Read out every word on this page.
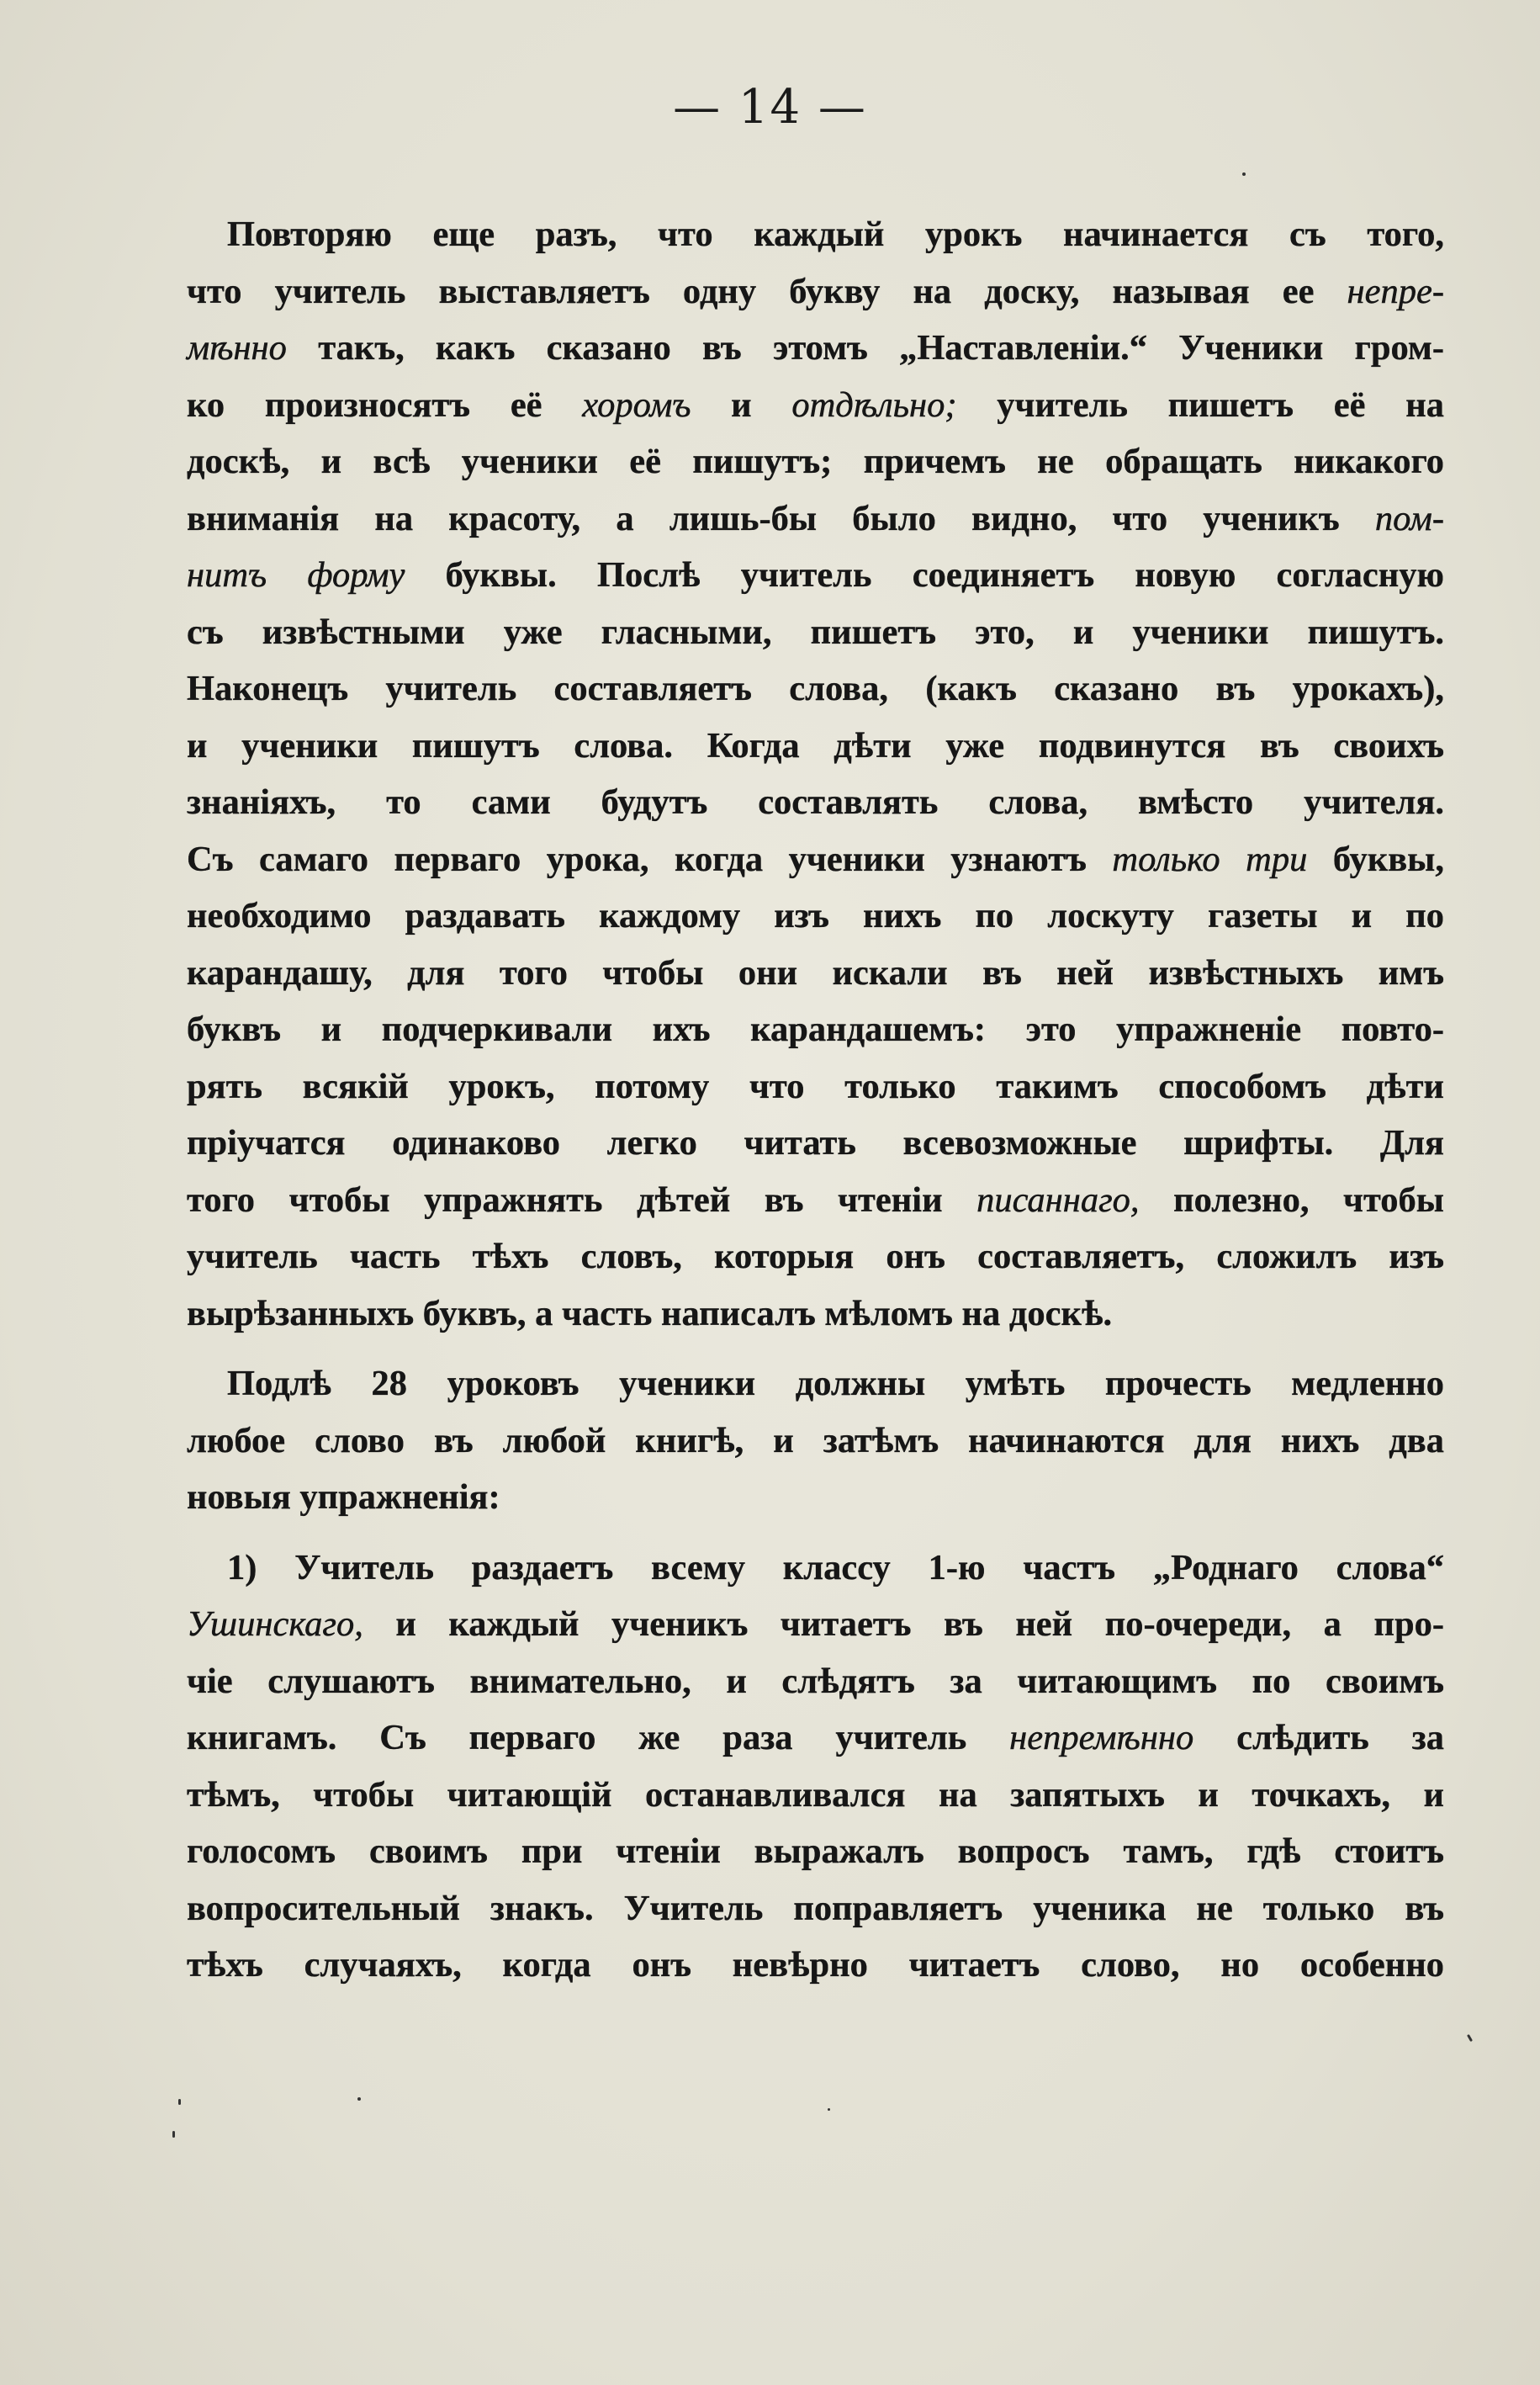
— 14 —
Повторяю еще разъ, что каждый урокъ начинается съ того,
что учитель выставляетъ одну букву на доску, называя ее непре-
мѣнно такъ, какъ сказано въ этомъ „Наставленіи.“ Ученики гром-
ко произносятъ её хоромъ и отдѣльно; учитель пишетъ её на
доскѣ, и всѣ ученики её пишутъ; причемъ не обращать никакого
вниманія на красоту, а лишь-бы было видно, что ученикъ пом-
нитъ формy буквы. Послѣ учитель соединяетъ новую согласную
съ извѣстными уже гласными, пишетъ это, и ученики пишутъ.
Наконецъ учитель составляетъ слова, (какъ сказано въ урокахъ),
и ученики пишутъ слова. Когда дѣти уже подвинутся въ своихъ
знаніяхъ, то сами будутъ составлять слова, вмѣсто учителя.
Съ самаго перваго урока, когда ученики узнаютъ только три буквы,
необходимо раздавать каждому изъ нихъ по лоскуту газеты и по
карандашу, для того чтобы они искали въ ней извѣстныхъ имъ
буквъ и подчеркивали ихъ карандашемъ: это упражненіе повто-
рять всякій урокъ, потому что только такимъ способомъ дѣти
пріучатся одинаково легко читать всевозможные шрифты. Для
того чтобы упражнять дѣтей въ чтеніи писаннаго, полезно, чтобы
учитель часть тѣхъ словъ, которыя онъ составляетъ, сложилъ изъ
вырѣзанныхъ буквъ, а часть написалъ мѣломъ на доскѣ.
Подлѣ 28 уроковъ ученики должны умѣть прочесть медленно
любое слово въ любой книгѣ, и затѣмъ начинаются для нихъ два
новыя упражненія:
1) Учитель раздаетъ всему классу 1-ю частъ „Роднаго слова“
Ушинскаго, и каждый ученикъ читаетъ въ ней по-очереди, а про-
чіе слушаютъ внимательно, и слѣдятъ за читающимъ по своимъ
книгамъ. Съ перваго же раза учитель непремѣнно слѣдить за
тѣмъ, чтобы читающій останавливался на запятыхъ и точкахъ, и
голосомъ своимъ при чтеніи выражалъ вопросъ тамъ, гдѣ стоитъ
вопросительный знакъ. Учитель поправляетъ ученика не только въ
тѣхъ случаяхъ, когда онъ невѣрно читаетъ слово, но особенно
